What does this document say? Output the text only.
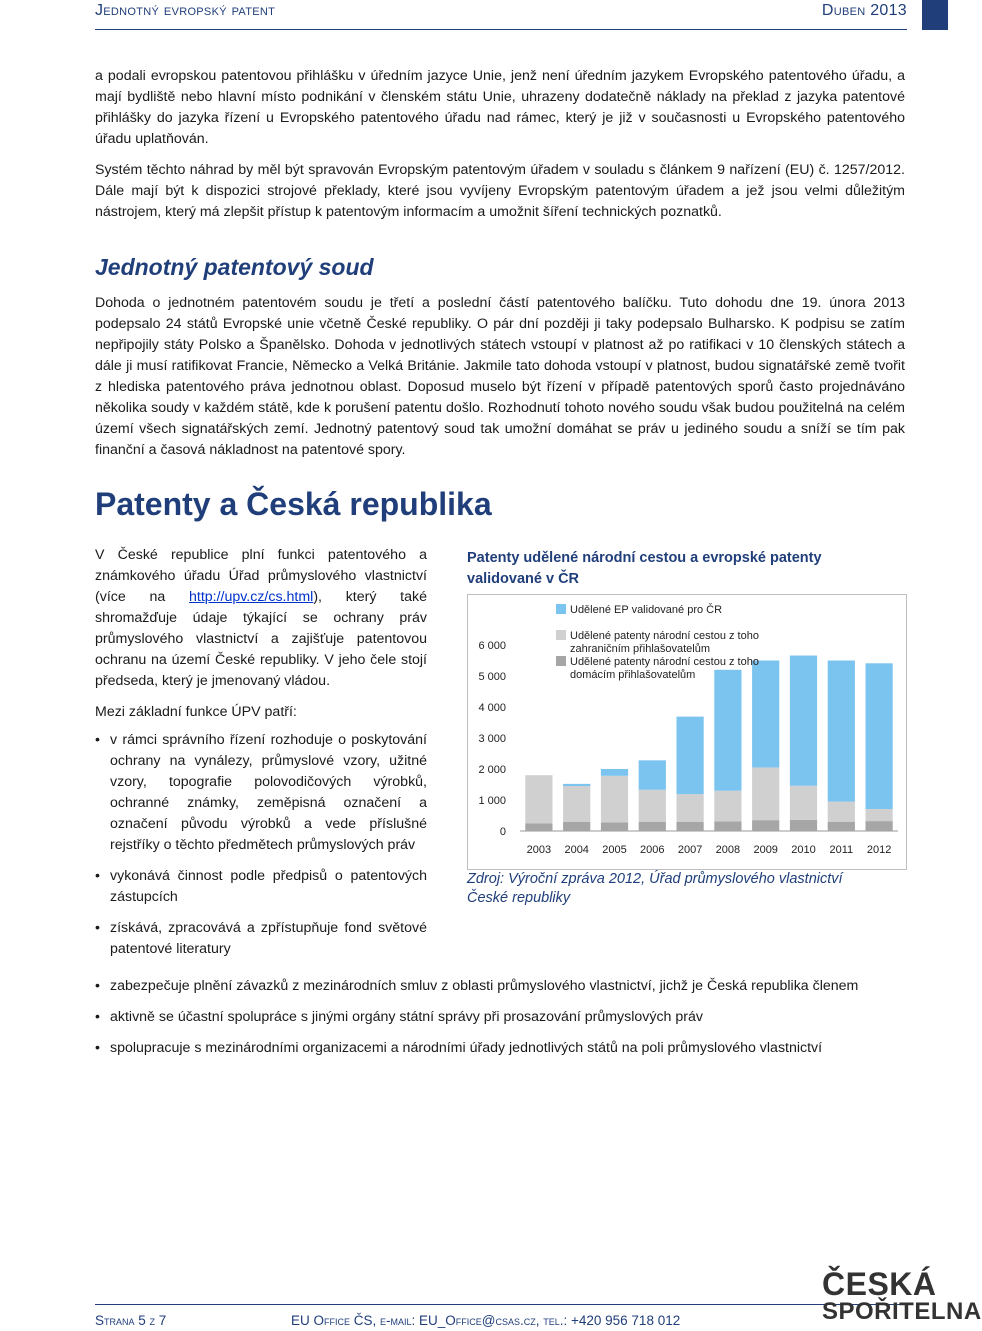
Jednotný evropský patent	Duben 2013

a podali evropskou patentovou přihlášku v úředním jazyce Unie, jenž není úředním jazykem Evropského patentového úřadu, a mají bydliště nebo hlavní místo podnikání v členském státu Unie, uhrazeny dodatečně náklady na překlad z jazyka patentové přihlášky do jazyka řízení u Evropského patentového úřadu nad rámec, který je již v současnosti u Evropského patentového úřadu uplatňován.

Systém těchto náhrad by měl být spravován Evropským patentovým úřadem v souladu s článkem 9 nařízení (EU) č. 1257/2012. Dále mají být k dispozici strojové překlady, které jsou vyvíjeny Evropským patentovým úřadem a jež jsou velmi důležitým nástrojem, který má zlepšit přístup k patentovým informacím a umožnit šíření technických poznatků.

Jednotný patentový soud

Dohoda o jednotném patentovém soudu je třetí a poslední částí patentového balíčku. Tuto dohodu dne 19. února 2013 podepsalo 24 států Evropské unie včetně České republiky. O pár dní později ji taky podepsalo Bulharsko. K podpisu se zatím nepřipojily státy Polsko a Španělsko. Dohoda v jednotlivých státech vstoupí v platnost až po ratifikaci v 10 členských státech a dále ji musí ratifikovat Francie, Německo a Velká Británie. Jakmile tato dohoda vstoupí v platnost, budou signatářské země tvořit z hlediska patentového práva jednotnou oblast. Doposud muselo být řízení v případě patentových sporů často projednáváno několika soudy v každém státě, kde k porušení patentu došlo. Rozhodnutí tohoto nového soudu však budou použitelná na celém území všech signatářských zemí. Jednotný patentový soud tak umožní domáhat se práv u jediného soudu a sníží se tím pak finanční a časová nákladnost na patentové spory.

Patenty a Česká republika
V České republice plní funkci patentového a známkového úřadu Úřad průmyslového vlastnictví (více na http://upv.cz/cs.html), který také shromažďuje údaje týkající se ochrany práv průmyslového vlastnictví a zajišťuje patentovou ochranu na území České republiky. V jeho čele stojí předseda, který je jmenovaný vládou.
Mezi základní funkce ÚPV patří:
• v rámci správního řízení rozhoduje o poskytování ochrany na vynálezy, průmyslové vzory, užitné vzory, topografie polovodičových výrobků, ochranné známky, zeměpisná označení a označení původu výrobků a vede příslušné rejstříky o těchto předmětech průmyslových práv
• vykonává činnost podle předpisů o patentových zástupcích
• získává, zpracovává a zpřístupňuje fond světové patentové literatury
• zabezpečuje plnění závazků z mezinárodních smluv z oblasti průmyslového vlastnictví, jichž je Česká republika členem
• aktivně se účastní spolupráce s jinými orgány státní správy při prosazování průmyslových práv
• spolupracuje s mezinárodními organizacemi a národními úřady jednotlivých států na poli průmyslového vlastnictví
Patenty udělené národní cestou a evropské patenty validované v ČR
0
1 000
2 000
3 000
4 000
5 000
6 000
2003 2004 2005 2006 2007 2008 2009 2010 2011 2012
Udělené EP validované pro ČR
Udělené patenty národní cestou z toho
zahraničním přihlašovatelům
Udělené patenty národní cestou z toho
domácím přihlašovatelům
Zdroj: Výroční zpráva 2012, Úřad průmyslového vlastnictví České republiky
Strana 5 z 7	EU Office ČS, e-mail: EU_Office@csas.cz, tel.: +420 956 718 012
ČESKÁ
SPOŘITELNA
